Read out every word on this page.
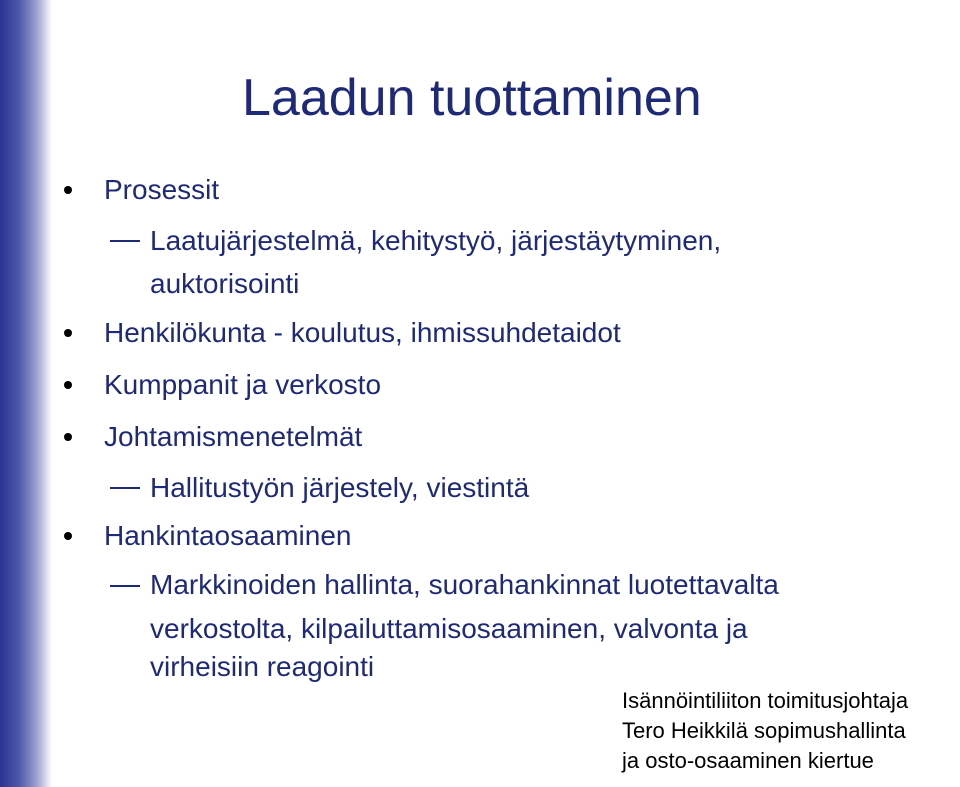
Laadun tuottaminen
Prosessit
Laatujärjestelmä, kehitystyö, järjestäytyminen,
auktorisointi
Henkilökunta - koulutus, ihmissuhdetaidot
Kumppanit ja verkosto
Johtamismenetelmät
Hallitustyön järjestely, viestintä
Hankintaosaaminen
Markkinoiden hallinta, suorahankinnat luotettavalta
verkostolta, kilpailuttamisosaaminen, valvonta ja
virheisiin reagointi
Isännöintiliiton toimitusjohtaja
Tero Heikkilä sopimushallinta
ja osto-osaaminen kiertue
